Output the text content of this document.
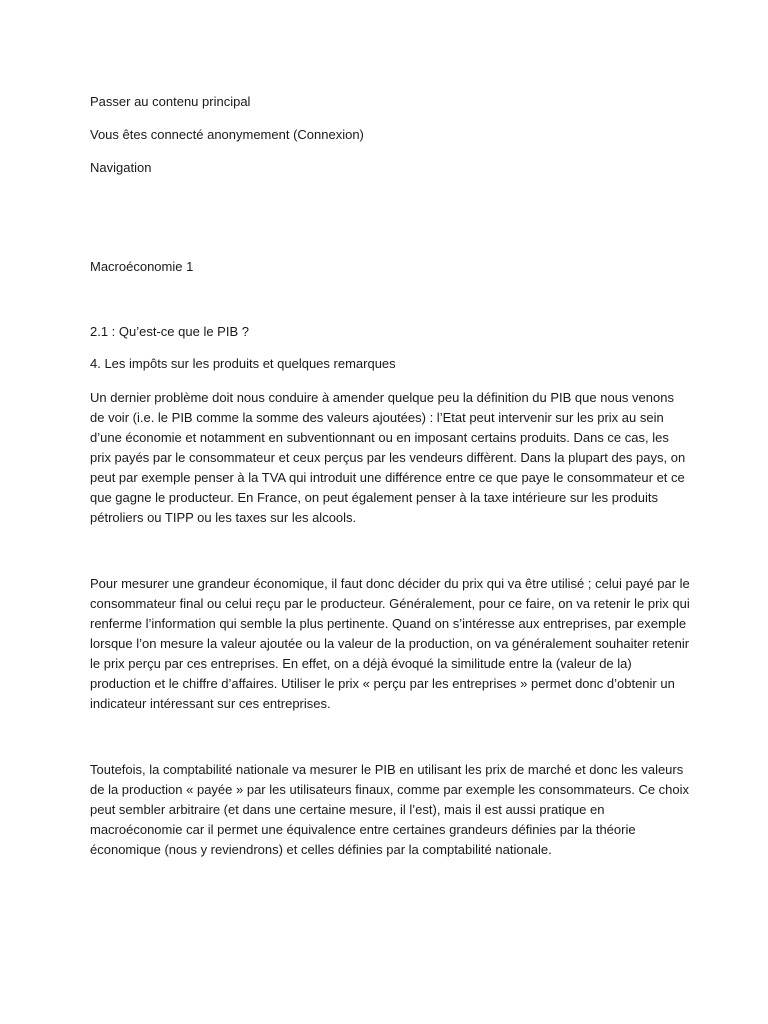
Passer au contenu principal
Vous êtes connecté anonymement (Connexion)
Navigation
Macroéconomie 1
2.1 : Qu’est-ce que le PIB ?
4. Les impôts sur les produits et quelques remarques

Un dernier problème doit nous conduire à amender quelque peu la définition du PIB que nous venons de voir (i.e. le PIB comme la somme des valeurs ajoutées) : l’Etat peut intervenir sur les prix au sein d’une économie et notamment en subventionnant ou en imposant certains produits. Dans ce cas, les prix payés par le consommateur et ceux perçus par les vendeurs diffèrent. Dans la plupart des pays, on peut par exemple penser à la TVA qui introduit une différence entre ce que paye le consommateur et ce que gagne le producteur. En France, on peut également penser à la taxe intérieure sur les produits pétroliers ou TIPP ou les taxes sur les alcools.

Pour mesurer une grandeur économique, il faut donc décider du prix qui va être utilisé ; celui payé par le consommateur final ou celui reçu par le producteur. Généralement, pour ce faire, on va retenir le prix qui renferme l’information qui semble la plus pertinente. Quand on s’intéresse aux entreprises, par exemple lorsque l’on mesure la valeur ajoutée ou la valeur de la production, on va généralement souhaiter retenir le prix perçu par ces entreprises. En effet, on a déjà évoqué la similitude entre la (valeur de la) production et le chiffre d’affaires. Utiliser le prix « perçu par les entreprises » permet donc d’obtenir un indicateur intéressant sur ces entreprises.

Toutefois, la comptabilité nationale va mesurer le PIB en utilisant les prix de marché et donc les valeurs de la production « payée » par les utilisateurs finaux, comme par exemple les consommateurs. Ce choix peut sembler arbitraire (et dans une certaine mesure, il l’est), mais il est aussi pratique en macroéconomie car il permet une équivalence entre certaines grandeurs définies par la théorie économique (nous y reviendrons) et celles définies par la comptabilité nationale.
